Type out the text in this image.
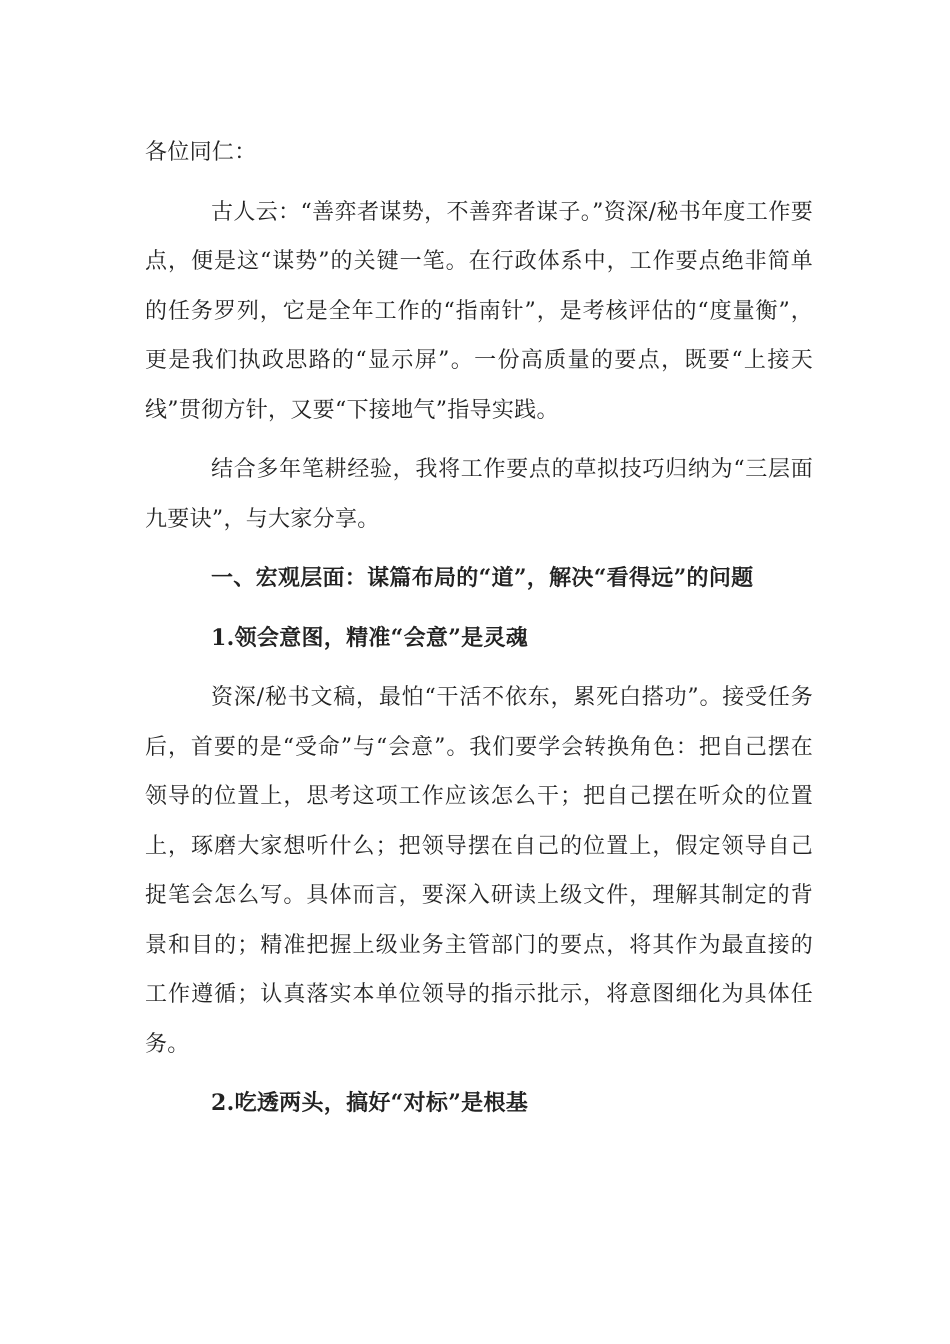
各位同仁：

古人云：“善弈者谋势，不善弈者谋子。”资深/秘书年度工作要点，便是这“谋势”的关键一笔。在行政体系中，工作要点绝非简单的任务罗列，它是全年工作的“指南针”，是考核评估的“度量衡”，更是我们执政思路的“显示屏”。一份高质量的要点，既要“上接天线”贯彻方针，又要“下接地气”指导实践。

结合多年笔耕经验，我将工作要点的草拟技巧归纳为“三层面九要诀”，与大家分享。

一、宏观层面：谋篇布局的“道”，解决“看得远”的问题

1.领会意图，精准“会意”是灵魂

资深/秘书文稿，最怕“干活不依东，累死白搭功”。接受任务后，首要的是“受命”与“会意”。我们要学会转换角色：把自己摆在领导的位置上，思考这项工作应该怎么干；把自己摆在听众的位置上，琢磨大家想听什么；把领导摆在自己的位置上，假定领导自己捉笔会怎么写。具体而言，要深入研读上级文件，理解其制定的背景和目的；精准把握上级业务主管部门的要点，将其作为最直接的工作遵循；认真落实本单位领导的指示批示，将意图细化为具体任务。

2.吃透两头，搞好“对标”是根基
